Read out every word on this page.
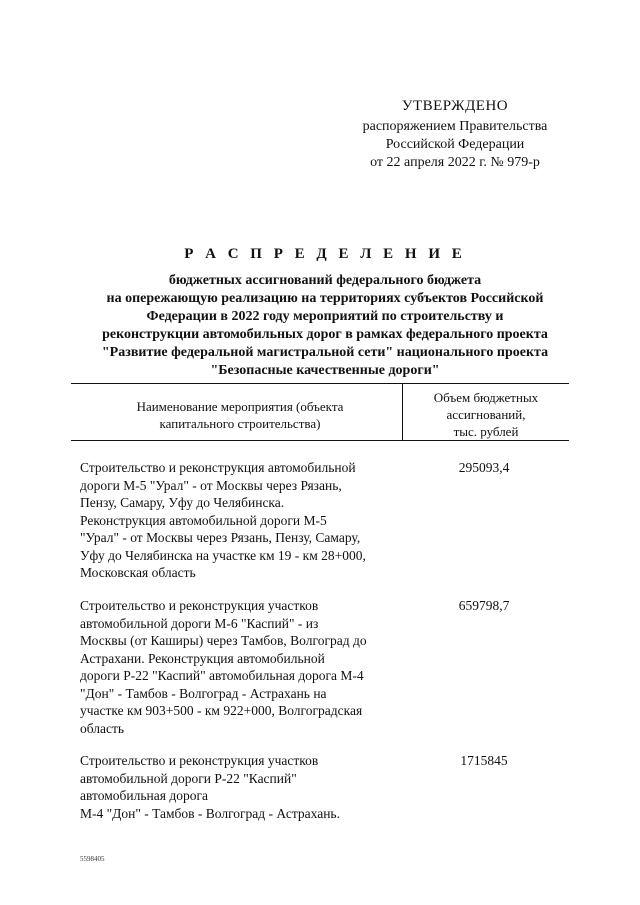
УТВЕРЖДЕНО
распоряжением Правительства
Российской Федерации
от 22 апреля 2022 г. № 979-р
Р А С П Р Е Д Е Л Е Н И Е
бюджетных ассигнований федерального бюджета
на опережающую реализацию на территориях субъектов Российской
Федерации в 2022 году мероприятий по строительству и
реконструкции автомобильных дорог в рамках федерального проекта
"Развитие федеральной магистральной сети" национального проекта
"Безопасные качественные дороги"
Наименование мероприятия (объекта
капитального строительства)
Объем бюджетных
ассигнований,
тыс. рублей
Строительство и реконструкция автомобильной
дороги М-5 "Урал" - от Москвы через Рязань,
Пензу, Самару, Уфу до Челябинска.
Реконструкция автомобильной дороги М-5
"Урал" - от Москвы через Рязань, Пензу, Самару,
Уфу до Челябинска на участке км 19 - км 28+000,
Московская область
295093,4
Строительство и реконструкция участков
автомобильной дороги М-6 "Каспий" - из
Москвы (от Каширы) через Тамбов, Волгоград до
Астрахани. Реконструкция автомобильной
дороги Р-22 "Каспий" автомобильная дорога М-4
"Дон" - Тамбов - Волгоград - Астрахань на
участке км 903+500 - км 922+000, Волгоградская
область
659798,7
Строительство и реконструкция участков
автомобильной дороги Р-22 "Каспий"
автомобильная дорога
М-4 "Дон" - Тамбов - Волгоград - Астрахань.
1715845
5598405
